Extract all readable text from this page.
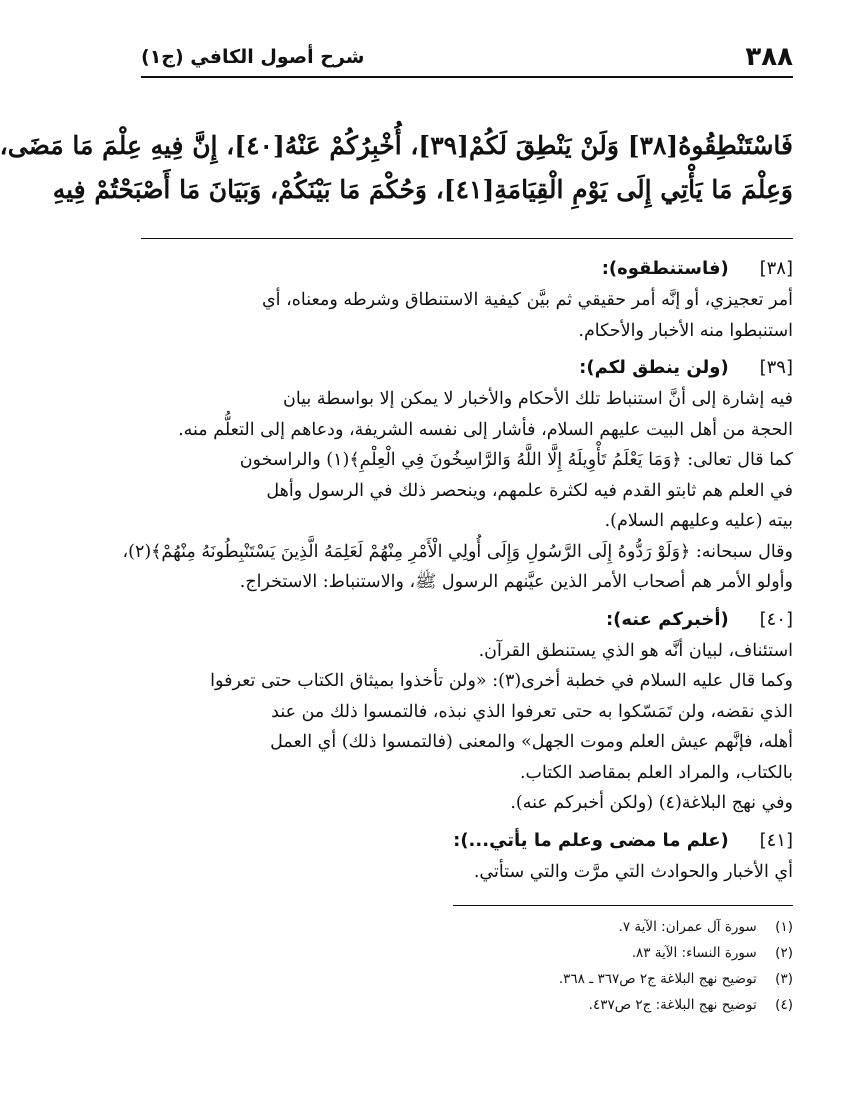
٣٨٨
شرح أصول الكافي (ج١)
فَاسْتَنْطِقُوهُ[٣٨] وَلَنْ يَنْطِقَ لَكُمْ[٣٩]، أُخْبِرُكُمْ عَنْهُ[٤٠]، إِنَّ فِيهِ عِلْمَ مَا مَضَى،
وَعِلْمَ مَا يَأْتِي إِلَى يَوْمِ الْقِيَامَةِ[٤١]، وَحُكْمَ مَا بَيْنَكُمْ، وَبَيَانَ مَا أَصْبَحْتُمْ فِيهِ
[٣٨] (فاستنطقوه):
أمر تعجيزي، أو إنَّه أمر حقيقي ثم بيَّن كيفية الاستنطاق وشرطه ومعناه، أي
استنبطوا منه الأخبار والأحكام.
[٣٩] (ولن ينطق لكم):
فيه إشارة إلى أنَّ استنباط تلك الأحكام والأخبار لا يمكن إلا بواسطة بيان
الحجة من أهل البيت عليهم السلام، فأشار إلى نفسه الشريفة، ودعاهم إلى التعلُّم منه.
كما قال تعالى: ﴿وَمَا يَعْلَمُ تَأْوِيلَهُ إِلَّا اللَّهُ وَالرَّاسِخُونَ فِي الْعِلْمِ﴾(١) والراسخون
في العلم هم ثابتو القدم فيه لكثرة علمهم، وينحصر ذلك في الرسول وأهل
بيته (عليه وعليهم السلام).
وقال سبحانه: ﴿وَلَوْ رَدُّوهُ إِلَى الرَّسُولِ وَإِلَى أُولِي الْأَمْرِ مِنْهُمْ لَعَلِمَهُ الَّذِينَ يَسْتَنْبِطُونَهُ مِنْهُمْ﴾(٢)،
وأولو الأمر هم أصحاب الأمر الذين عيَّنهم الرسول ﷺ، والاستنباط: الاستخراج.
[٤٠] (أخبركم عنه):
استئناف، لبيان أنَّه هو الذي يستنطق القرآن.
وكما قال عليه السلام في خطبة أخرى(٣): «ولن تأخذوا بميثاق الكتاب حتى تعرفوا
الذي نقضه، ولن تَمَسّكوا به حتى تعرفوا الذي نبذه، فالتمسوا ذلك من عند
أهله، فإنَّهم عيش العلم وموت الجهل» والمعنى (فالتمسوا ذلك) أي العمل
بالكتاب، والمراد العلم بمقاصد الكتاب.
وفي نهج البلاغة(٤) (ولكن أخبركم عنه).
[٤١] (علم ما مضى وعلم ما يأتي...):
أي الأخبار والحوادث التي مرَّت والتي ستأتي.
(١) سورة آل عمران: الآية ٧.
(٢) سورة النساء: الآية ٨٣.
(٣) توضيح نهج البلاغة ج٢ ص٣٦٧ ـ ٣٦٨.
(٤) توضيح نهج البلاغة: ج٢ ص٤٣٧.
